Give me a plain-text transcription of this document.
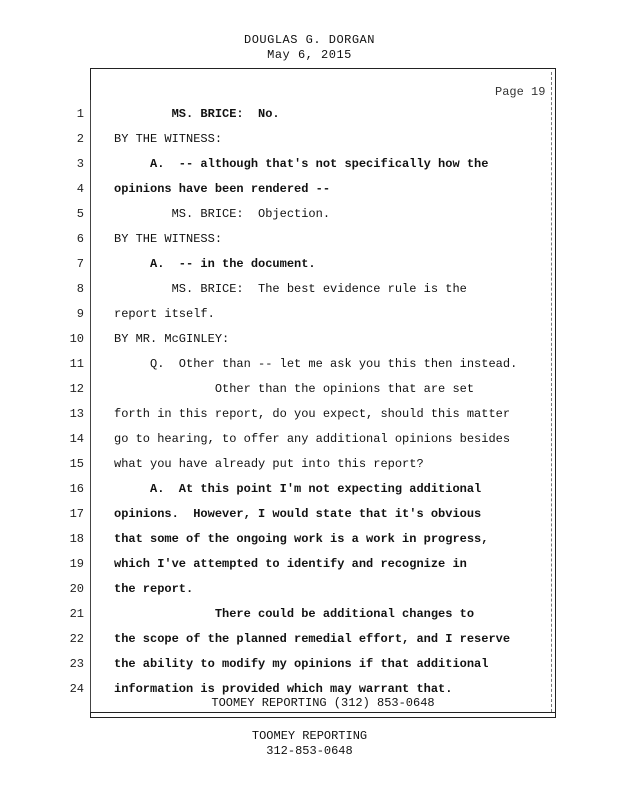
DOUGLAS G. DORGAN
May 6, 2015
Page 19
1	MS. BRICE:  No.
2	BY THE WITNESS:
3	A.  -- although that's not specifically how the
4	opinions have been rendered --
5	MS. BRICE:  Objection.
6	BY THE WITNESS:
7	A.  -- in the document.
8	MS. BRICE:  The best evidence rule is the
9	report itself.
10	BY MR. McGINLEY:
11	Q.  Other than -- let me ask you this then instead.
12	Other than the opinions that are set
13	forth in this report, do you expect, should this matter
14	go to hearing, to offer any additional opinions besides
15	what you have already put into this report?
16	A.  At this point I'm not expecting additional
17	opinions.  However, I would state that it's obvious
18	that some of the ongoing work is a work in progress,
19	which I've attempted to identify and recognize in
20	the report.
21	There could be additional changes to
22	the scope of the planned remedial effort, and I reserve
23	the ability to modify my opinions if that additional
24	information is provided which may warrant that.
TOOMEY REPORTING (312) 853-0648
TOOMEY REPORTING
312-853-0648
